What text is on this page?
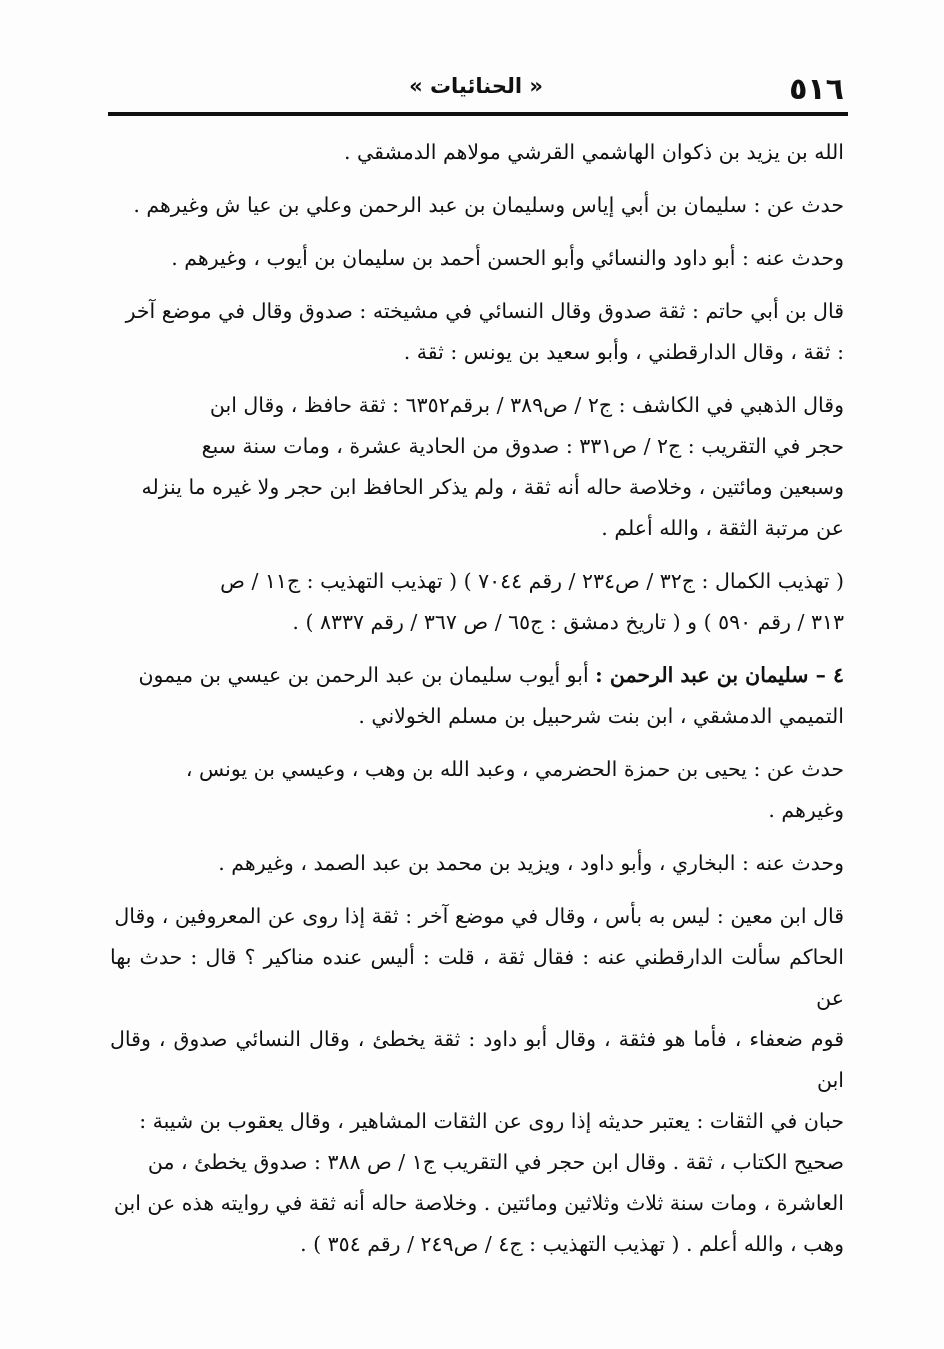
٥١٦
« الحنائيات »

الله بن يزيد بن ذكوان الهاشمي القرشي مولاهم الدمشقي .

حدث عن : سليمان بن أبي إياس وسليمان بن عبد الرحمن وعلي بن عيا ش وغيرهم .

وحدث عنه : أبو داود والنسائي وأبو الحسن أحمد بن سليمان بن أيوب ، وغيرهم .

قال بن أبي حاتم : ثقة صدوق وقال النسائي في مشيخته : صدوق وقال في موضع آخر
: ثقة ، وقال الدارقطني ، وأبو سعيد بن يونس : ثقة .

وقال الذهبي في الكاشف : ج٢ / ص٣٨٩ / برقم٦٣٥٢ : ثقة حافظ ، وقال ابن
حجر في التقريب : ج٢ / ص٣٣١ : صدوق من الحادية عشرة ، ومات سنة سبع
وسبعين ومائتين ، وخلاصة حاله أنه ثقة ، ولم يذكر الحافظ ابن حجر ولا غيره ما ينزله
عن مرتبة الثقة ، والله أعلم .

( تهذيب الكمال : ج٣٢ / ص٢٣٤ / رقم ٧٠٤٤ ) ( تهذيب التهذيب : ج١١ / ص
٣١٣ / رقم ٥٩٠ ) و ( تاريخ دمشق : ج٦٥ / ص ٣٦٧ / رقم ٨٣٣٧ ) .

٤ – سليمان بن عبد الرحمن : أبو أيوب سليمان بن عبد الرحمن بن عيسي بن ميمون
التميمي الدمشقي ، ابن بنت شرحبيل بن مسلم الخولاني .

حدث عن : يحيى بن حمزة الحضرمي ، وعبد الله بن وهب ، وعيسي بن يونس ،
وغيرهم .

وحدث عنه : البخاري ، وأبو داود ، ويزيد بن محمد بن عبد الصمد ، وغيرهم .

قال ابن معين : ليس به بأس ، وقال في موضع آخر : ثقة إذا روى عن المعروفين ، وقال
الحاكم سألت الدارقطني عنه : فقال ثقة ، قلت : أليس عنده مناكير ؟ قال : حدث بها عن
قوم ضعفاء ، فأما هو فثقة ، وقال أبو داود : ثقة يخطئ ، وقال النسائي صدوق ، وقال ابن
حبان في الثقات : يعتبر حديثه إذا روى عن الثقات المشاهير ، وقال يعقوب بن شيبة :
صحيح الكتاب ، ثقة . وقال ابن حجر في التقريب ج١ / ص ٣٨٨ : صدوق يخطئ ، من
العاشرة ، ومات سنة ثلاث وثلاثين ومائتين . وخلاصة حاله أنه ثقة في روايته هذه عن ابن
وهب ، والله أعلم . ( تهذيب التهذيب : ج٤ / ص٢٤٩ / رقم ٣٥٤ ) .
